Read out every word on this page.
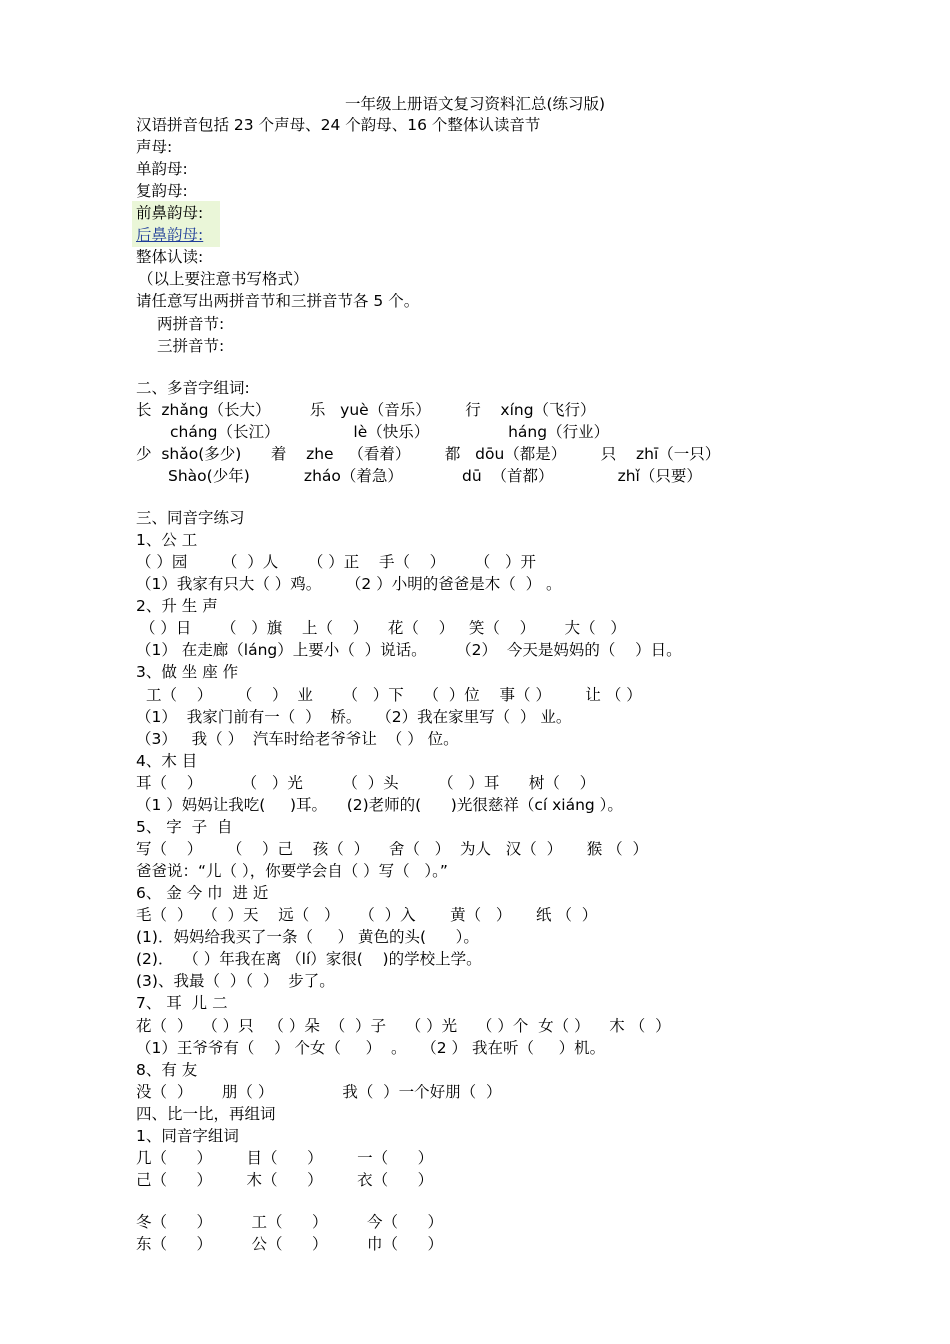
一年级上册语文复习资料汇总(练习版)
汉语拼音包括 23 个声母、24 个韵母、16 个整体认读音节
声母:
单韵母:
复韵母:
前鼻韵母:
后鼻韵母:
整体认读:
（以上要注意书写格式）
请任意写出两拼音节和三拼音节各 5 个。
两拼音节:
三拼音节:
二、多音字组词:
长  zhǎng（长大）        乐   yuè（音乐）       行    xíng（飞行）
cháng（长江）               lè（快乐）                háng（行业）
少  shǎo(多少)      着    zhe   （看着）       都   dōu（都是）       只    zhī（一只）
Shào(少年)           zháo（着急）            dū  （首都）             zhǐ（只要）
三、同音字练习
1、公 工
（ ）园       （  ）人      （ ）正    手（    ）      （   ）开
（1）我家有只大（ ）鸡。     （2 ）小明的爸爸是木（  ） 。
2、升 生 声
（ ）日      （   ）旗    上（    ）    花（    ）   笑（    ）      大（   ）
（1） 在走廊（láng）上要小（  ）说话。      （2）  今天是妈妈的（    ）日。
3、做 坐 座 作
工（    ）     （    ）  业      （   ）下    （  ）位    事（ ）       让 （ ）
（1）  我家门前有一（  ）  桥。   （2）我在家里写（  ） 业。
（3）   我（ ）  汽车时给老爷爷让  （ ） 位。
4、木 目
耳（    ）        （   ）光        （  ）头        （   ）耳      树（    ）
（1 ）妈妈让我吃(     )耳。    (2)老师的(      )光很慈祥（cí xiáng ）。
5、 字  子  自
写（    ）     （    ）己    孩（  ）    舍（   ）  为人   汉（  ）     猴 （  ）
爸爸说：“儿（ ），你要学会自（ ）写（   ）。”
6、 金 今 巾  进 近
毛（  ）  （  ）天    远（   ）    （  ）入       黄（   ）     纸 （  ）
(1)．妈妈给我买了一条（     ） 黄色的头(      ）。
(2)．  （ ）年我在离 （lí）家很(    )的学校上学。
(3)、我最（  ）（  ）  步了。
7、 耳  儿 二
花（  ）  （ ）只   （ ）朵  （  ）子    （ ）光    （ ）个  女（ ）    木 （  ）
（1）王爷爷有（    ） 个女（     ）  。   （2 ） 我在听（     ）机。
8、有 友
没（  ）      朋（ ）              我（  ）一个好朋（  ）
四、比一比，再组词
1、同音字组词
几（      ）       目（      ）       一（      ）
己（      ）       木（      ）       衣（      ）
冬（      ）        工（      ）        今（      ）
东（      ）        公（      ）        巾（      ）
